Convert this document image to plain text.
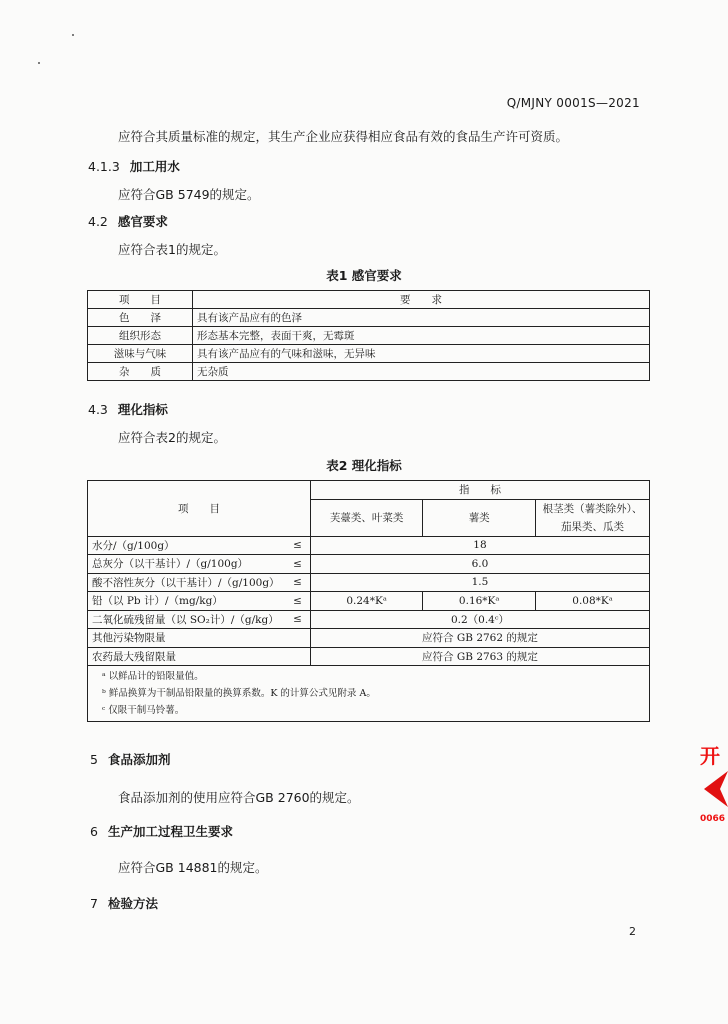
Q/MJNY 0001S—2021
应符合其质量标准的规定，其生产企业应获得相应食品有效的食品生产许可资质。
4.1.3 加工用水
应符合GB 5749的规定。
4.2 感官要求
应符合表1的规定。
表1 感官要求
项　　目	要　　求
色　　泽	具有该产品应有的色泽
组织形态	形态基本完整，表面干爽，无霉斑
滋味与气味	具有该产品应有的气味和滋味，无异味
杂　　质	无杂质
4.3 理化指标
应符合表2的规定。
表2 理化指标
项　　目		指　　标		
		芙薹类、叶菜类	薯类	根茎类（薯类除外）、
茄果类、瓜类

水分/（g/100g）	≤	18		
总灰分（以干基计）/（g/100g）	≤	6.0		
酸不溶性灰分（以干基计）/（g/100g）	≤	1.5		
铅（以 Pb 计）/（mg/kg）	≤	0.24*Kᵃ	0.16*Kᵃ	0.08*Kᵃ
二氧化硫残留量（以 SO₂计）/（g/kg）	≤	0.2（0.4ᶜ）		
其他污染物限量		应符合 GB 2762 的规定		
农药最大残留限量		应符合 GB 2763 的规定		

ᵃ 以鲜品计的铅限量值。
ᵇ 鲜品换算为干制品铅限量的换算系数。K 的计算公式见附录 A。
ᶜ 仅限干制马铃薯。				
5 食品添加剂
食品添加剂的使用应符合GB 2760的规定。
6 生产加工过程卫生要求
应符合GB 14881的规定。
7 检验方法
开
0066
2
